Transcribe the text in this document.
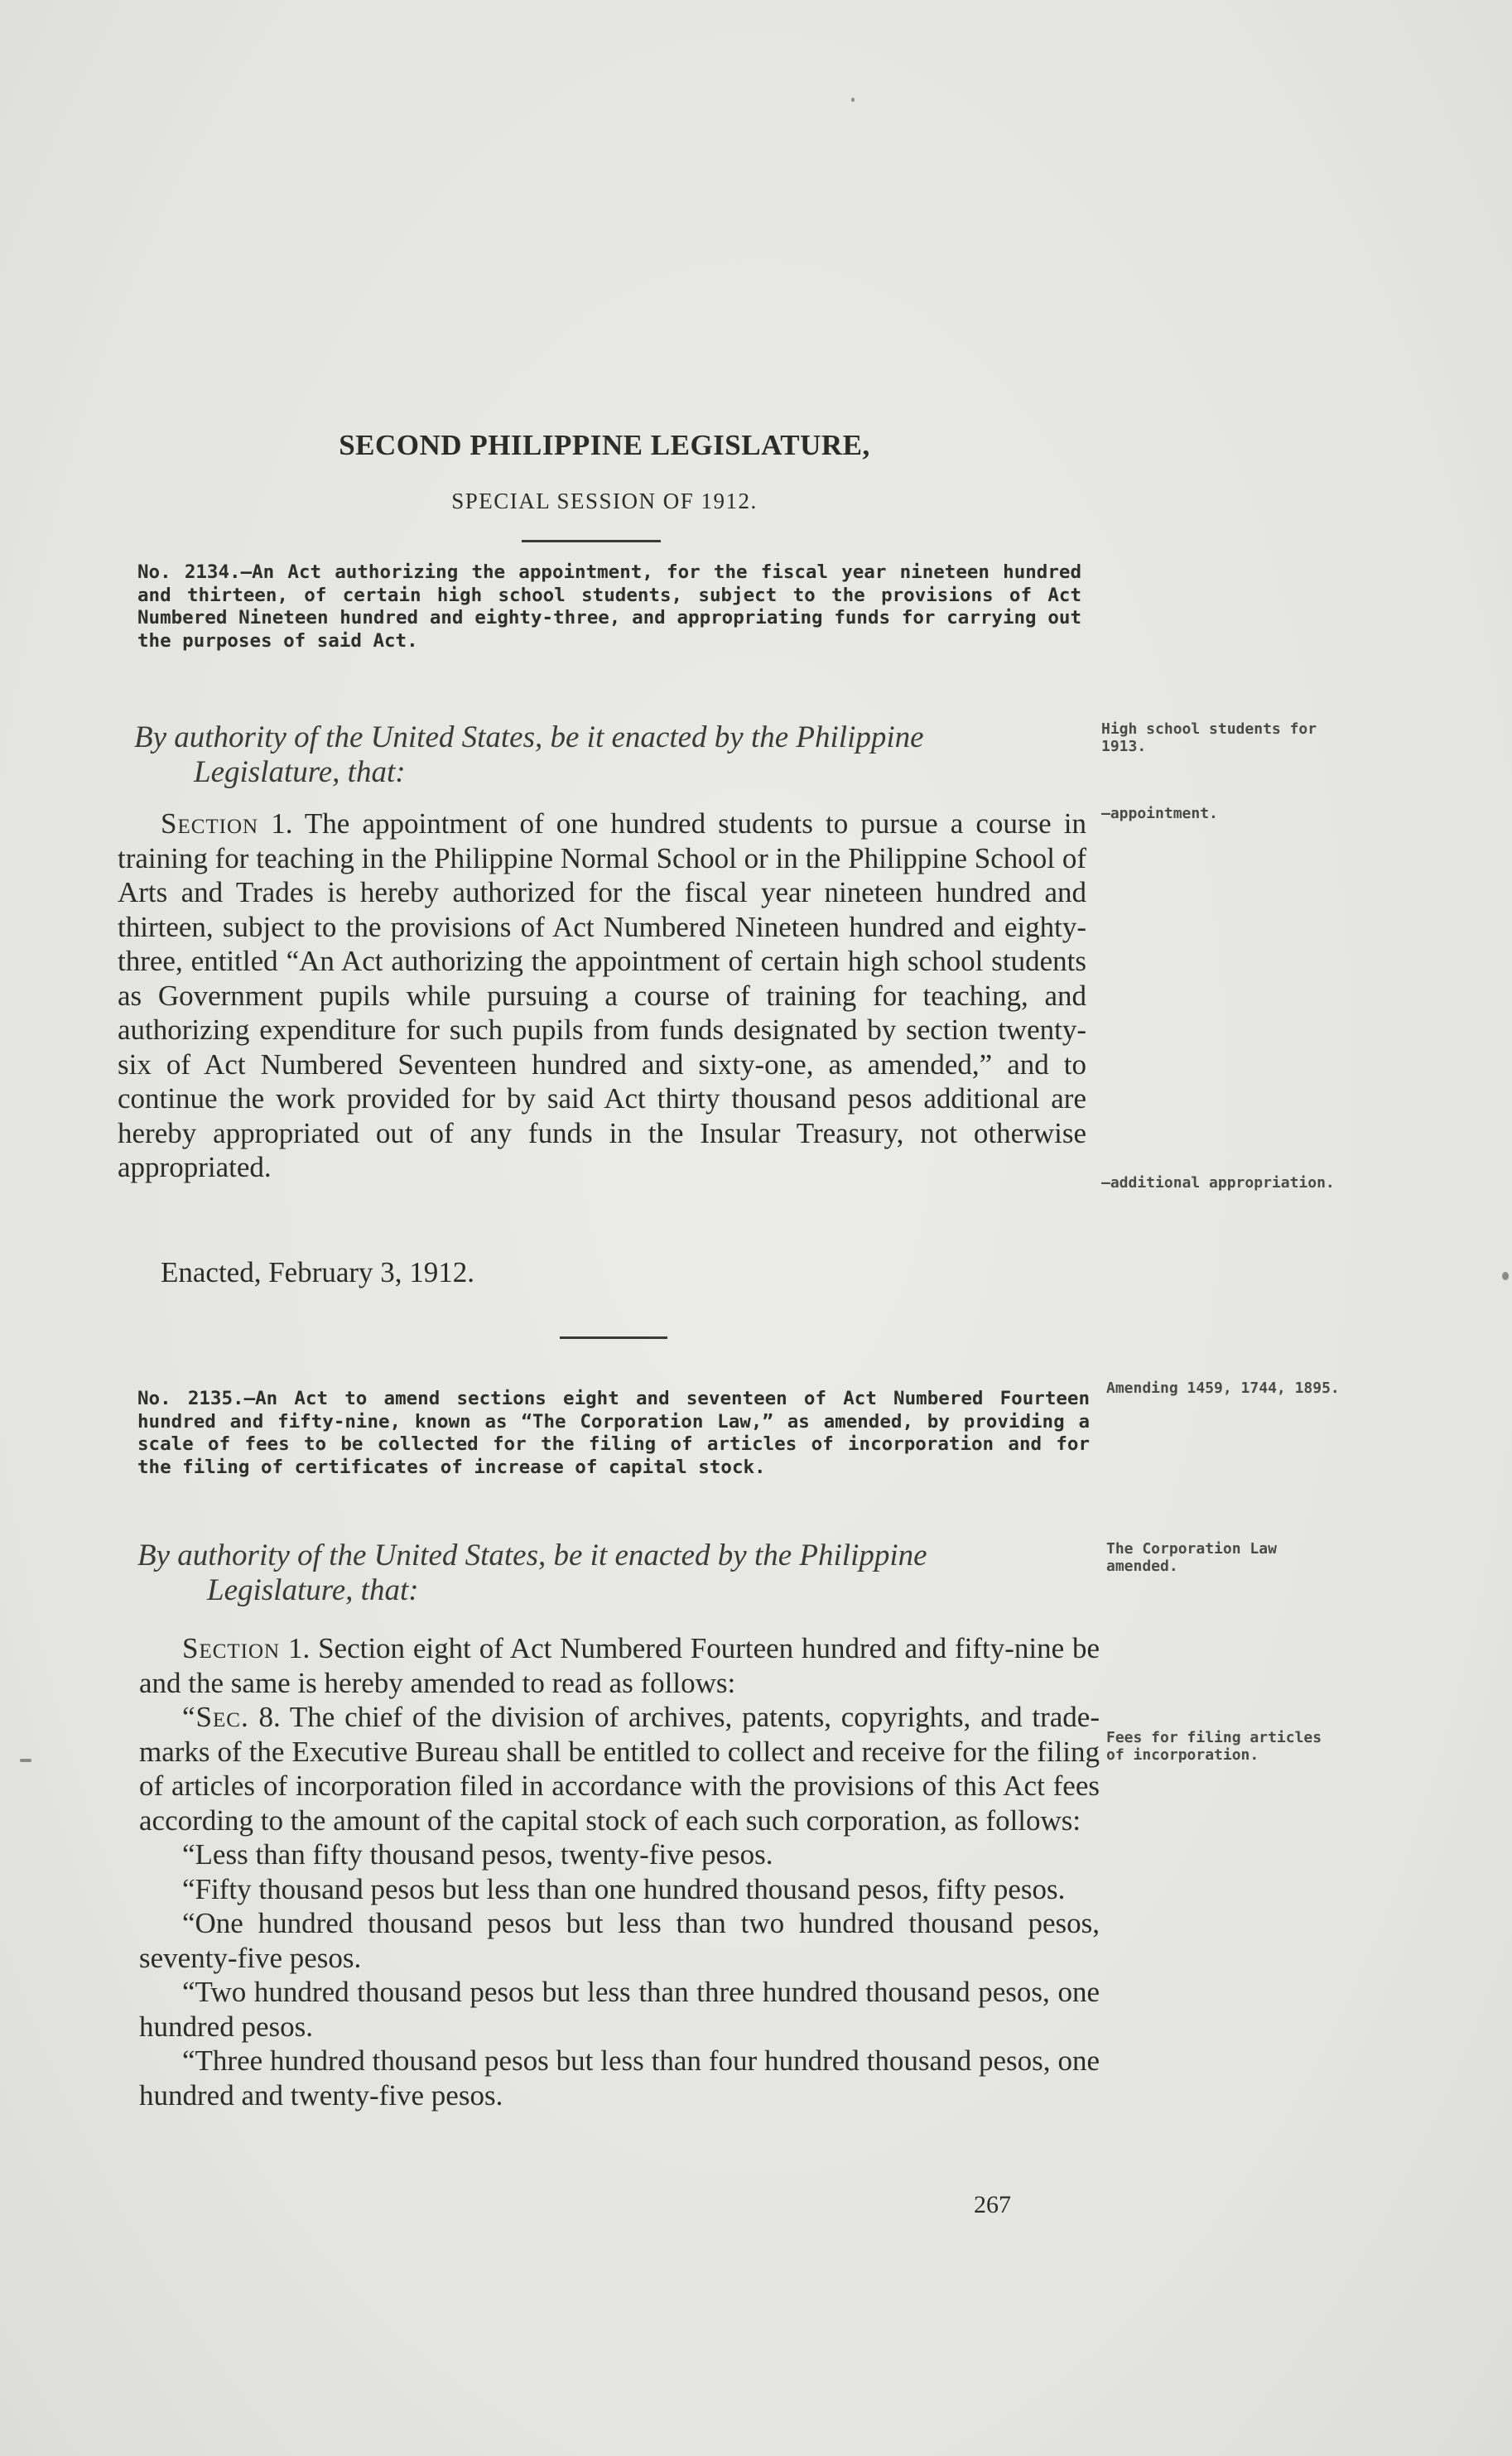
SECOND PHILIPPINE LEGISLATURE,
SPECIAL SESSION OF 1912.
No. 2134.—An Act authorizing the appointment, for the fiscal year nineteen hundred and thirteen, of certain high school students, subject to the provisions of Act Numbered Nineteen hundred and eighty-three, and appropriating funds for carrying out the purposes of said Act.
By authority of the United States, be it enacted by the Philippine
Legislature, that:

Section 1. The appointment of one hundred students to pursue a course in training for teaching in the Philippine Normal School or in the Philippine School of Arts and Trades is hereby authorized for the fiscal year nineteen hundred and thirteen, subject to the provisions of Act Numbered Nineteen hundred and eighty-three, entitled “An Act authorizing the appointment of certain high school students as Government pupils while pursuing a course of training for teaching, and authorizing expenditure for such pupils from funds designated by section twenty-six of Act Numbered Seventeen hundred and sixty-one, as amended,” and to continue the work provided for by said Act thirty thousand pesos additional are hereby appropriated out of any funds in the Insular Treasury, not otherwise appropriated.

Enacted, February 3, 1912.
High school students for 1913.
—appointment.
—additional appropriation.
No. 2135.—An Act to amend sections eight and seventeen of Act Numbered Fourteen hundred and fifty-nine, known as “The Corporation Law,” as amended, by providing a scale of fees to be collected for the filing of articles of incorporation and for the filing of certificates of increase of capital stock.
Amending 1459, 1744, 1895.
By authority of the United States, be it enacted by the Philippine
Legislature, that:
The Corporation Law amended.

Section 1. Section eight of Act Numbered Fourteen hundred and fifty-nine be and the same is hereby amended to read as follows:

“Sec. 8. The chief of the division of archives, patents, copyrights, and trade-marks of the Executive Bureau shall be entitled to collect and receive for the filing of articles of incorporation filed in accordance with the provisions of this Act fees according to the amount of the capital stock of each such corporation, as follows:

“Less than fifty thousand pesos, twenty-five pesos.

“Fifty thousand pesos but less than one hundred thousand pesos, fifty pesos.

“One hundred thousand pesos but less than two hundred thousand pesos, seventy-five pesos.

“Two hundred thousand pesos but less than three hundred thousand pesos, one hundred pesos.

“Three hundred thousand pesos but less than four hundred thousand pesos, one hundred and twenty-five pesos.

Fees for filing articles of incorporation.
267
